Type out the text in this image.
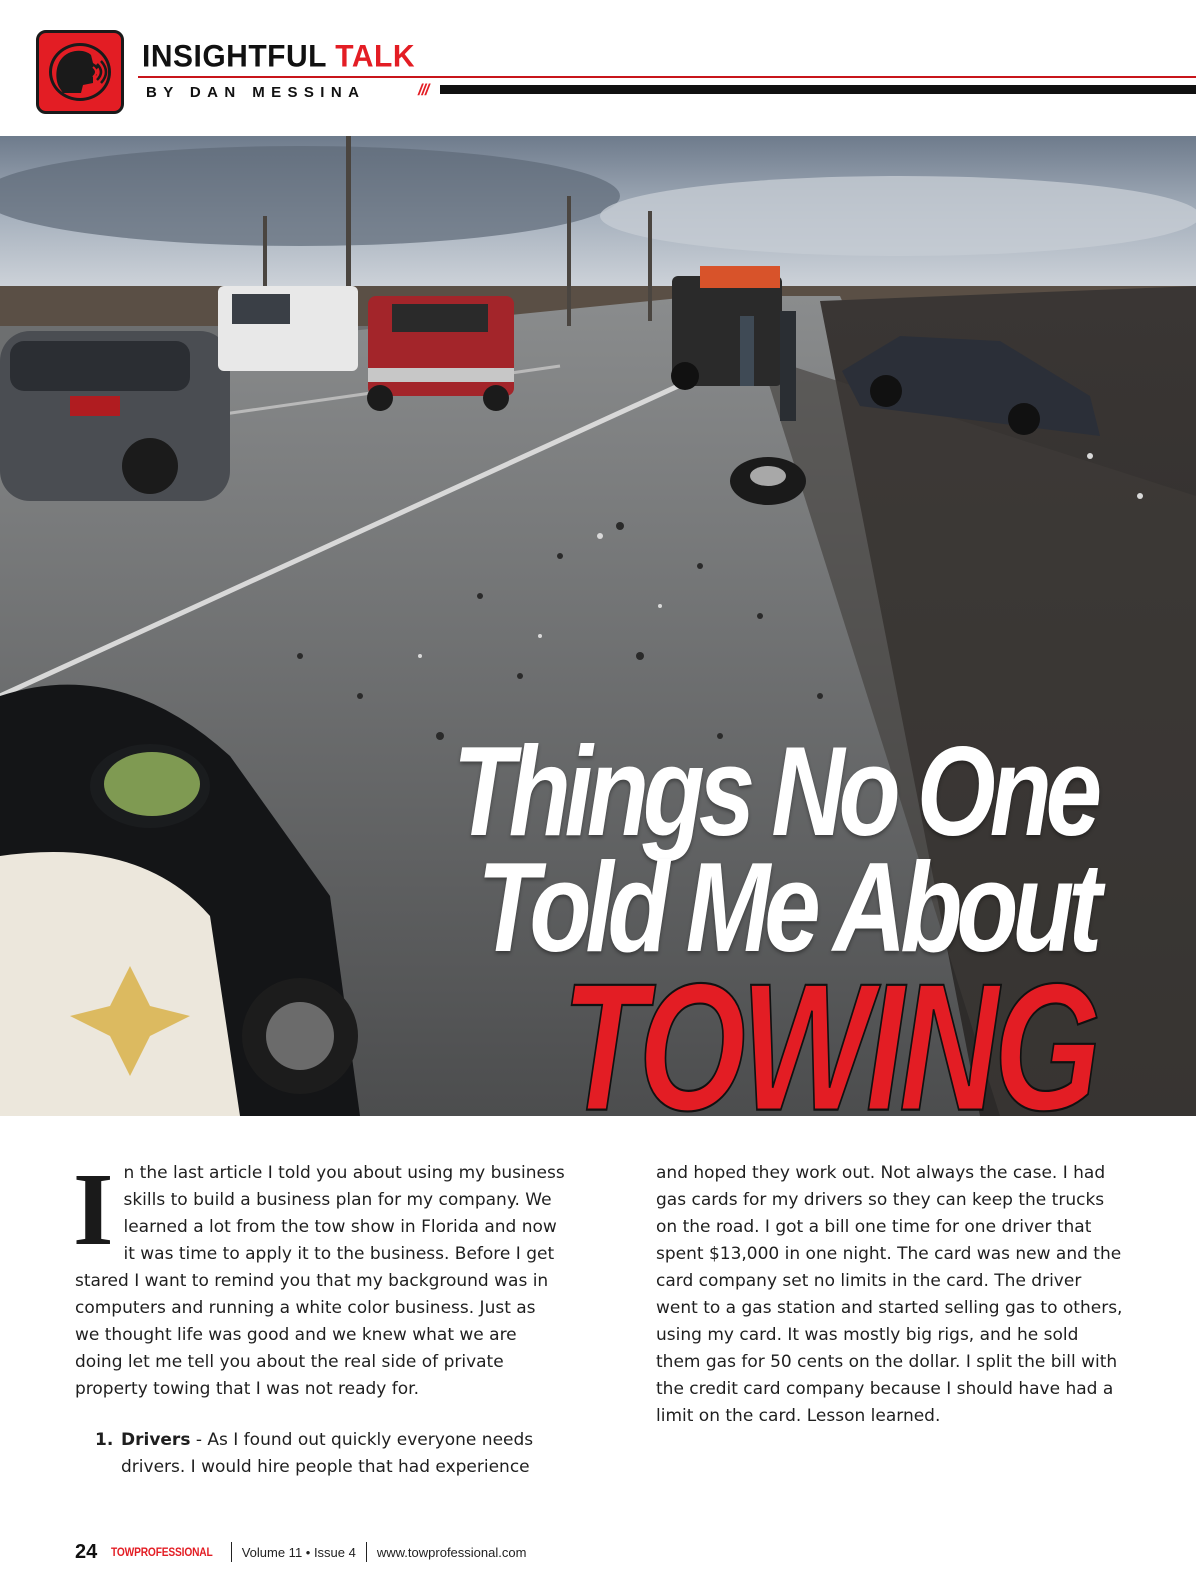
INSIGHTFUL TALK
BY DAN MESSINA	///
Things No One
Told Me About
TOWING

In the last article I told you about using my business skills to build a business plan for my company. We learned a lot from the tow show in Florida and now it was time to apply it to the business. Before I get stared I want to remind you that my background was in computers and running a white color business. Just as we thought life was good and we knew what we are doing let me tell you about the real side of private property towing that I was not ready for.

1. Drivers - As I found out quickly everyone needs drivers. I would hire people that had experience

and hoped they work out. Not always the case. I had gas cards for my drivers so they can keep the trucks on the road. I got a bill one time for one driver that spent $13,000 in one night. The card was new and the card company set no limits in the card. The driver went to a gas station and started selling gas to others, using my card. It was mostly big rigs, and he sold them gas for 50 cents on the dollar. I split the bill with the credit card company because I should have had a limit on the card. Lesson learned.

24 TOWPROFESSIONAL Volume 11 • Issue 4 www.towprofessional.com
